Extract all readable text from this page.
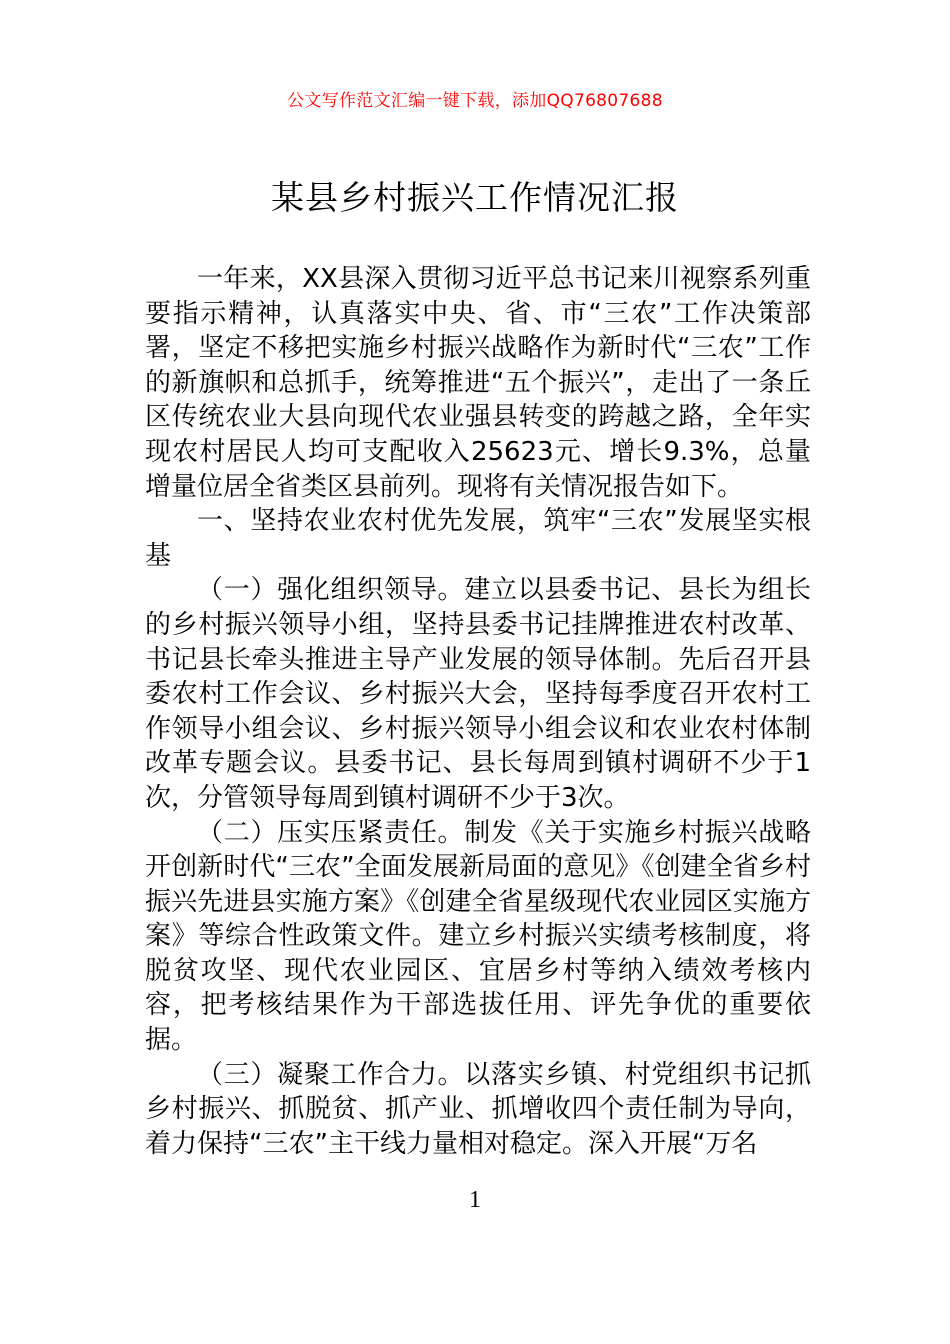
公文写作范文汇编一键下载，添加QQ76807688
某县乡村振兴工作情况汇报

一年来，XX县深入贯彻习近平总书记来川视察系列重要指示精神，认真落实中央、省、市“三农”工作决策部署，坚定不移把实施乡村振兴战略作为新时代“三农”工作的新旗帜和总抓手，统筹推进“五个振兴”，走出了一条丘区传统农业大县向现代农业强县转变的跨越之路，全年实现农村居民人均可支配收入25623元、增长9.3%，总量增量位居全省类区县前列。现将有关情况报告如下。

一、坚持农业农村优先发展，筑牢“三农”发展坚实根基

（一）强化组织领导。建立以县委书记、县长为组长的乡村振兴领导小组，坚持县委书记挂牌推进农村改革、书记县长牵头推进主导产业发展的领导体制。先后召开县委农村工作会议、乡村振兴大会，坚持每季度召开农村工作领导小组会议、乡村振兴领导小组会议和农业农村体制改革专题会议。县委书记、县长每周到镇村调研不少于1次，分管领导每周到镇村调研不少于3次。

（二）压实压紧责任。制发《关于实施乡村振兴战略开创新时代“三农”全面发展新局面的意见》《创建全省乡村振兴先进县实施方案》《创建全省星级现代农业园区实施方案》等综合性政策文件。建立乡村振兴实绩考核制度，将脱贫攻坚、现代农业园区、宜居乡村等纳入绩效考核内容，把考核结果作为干部选拔任用、评先争优的重要依据。

（三）凝聚工作合力。以落实乡镇、村党组织书记抓乡村振兴、抓脱贫、抓产业、抓增收四个责任制为导向，着力保持“三农”主干线力量相对稳定。深入开展“万名

1
